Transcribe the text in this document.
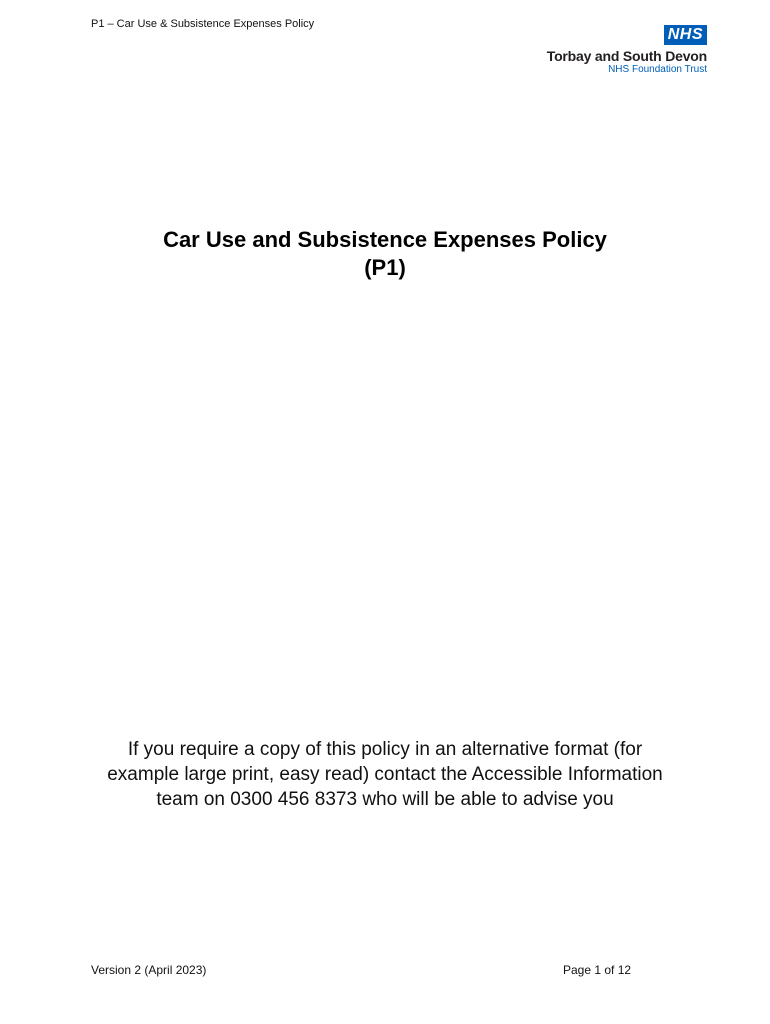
P1 – Car Use & Subsistence Expenses Policy
NHS
Torbay and South Devon
NHS Foundation Trust
Car Use and Subsistence Expenses Policy
(P1)
If you require a copy of this policy in an alternative format (for
example large print, easy read) contact the Accessible Information
team on 0300 456 8373 who will be able to advise you
Version 2 (April 2023)	Page 1 of 12
